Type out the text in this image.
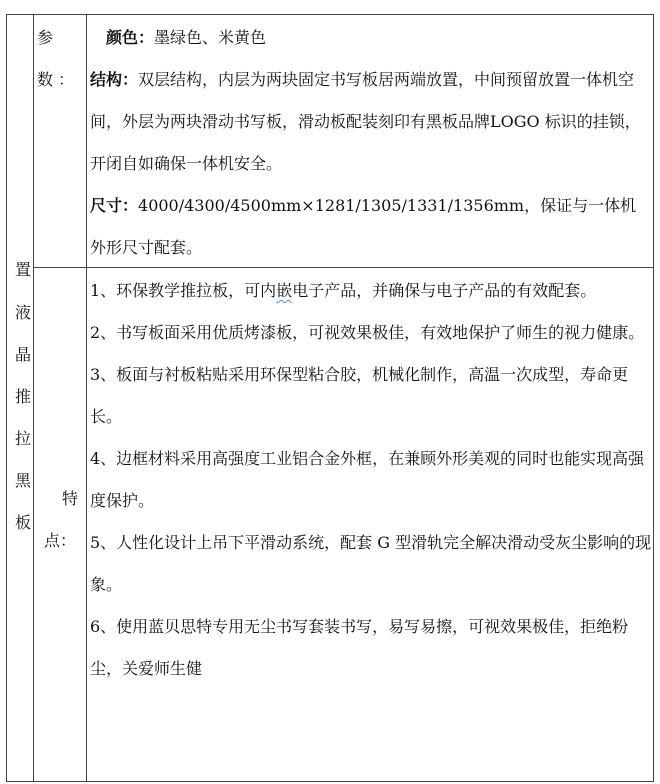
置
液
晶
推
拉
黑
板
参
数 ：

颜色：墨绿色、米黄色

结构：双层结构，内层为两块固定书写板居两端放置，中间预留放置一体机空间，外层为两块滑动书写板，滑动板配装刻印有黑板品牌LOGO 标识的挂锁，开闭自如确保一体机安全。

尺寸：4000/4300/4500mm×1281/1305/1331/1356mm，保证与一体机外形尺寸配套。

特
点：

1、环保教学推拉板，可内嵌电子产品，并确保与电子产品的有效配套。

2、书写板面采用优质烤漆板，可视效果极佳，有效地保护了师生的视力健康。

3、板面与衬板粘贴采用环保型粘合胶，机械化制作，高温一次成型，寿命更长。

4、边框材料采用高强度工业铝合金外框，在兼顾外形美观的同时也能实现高强度保护。

5、人性化设计上吊下平滑动系统，配套 G 型滑轨完全解决滑动受灰尘影响的现象。

6、使用蓝贝思特专用无尘书写套装书写，易写易擦，可视效果极佳，拒绝粉尘，关爱师生健
